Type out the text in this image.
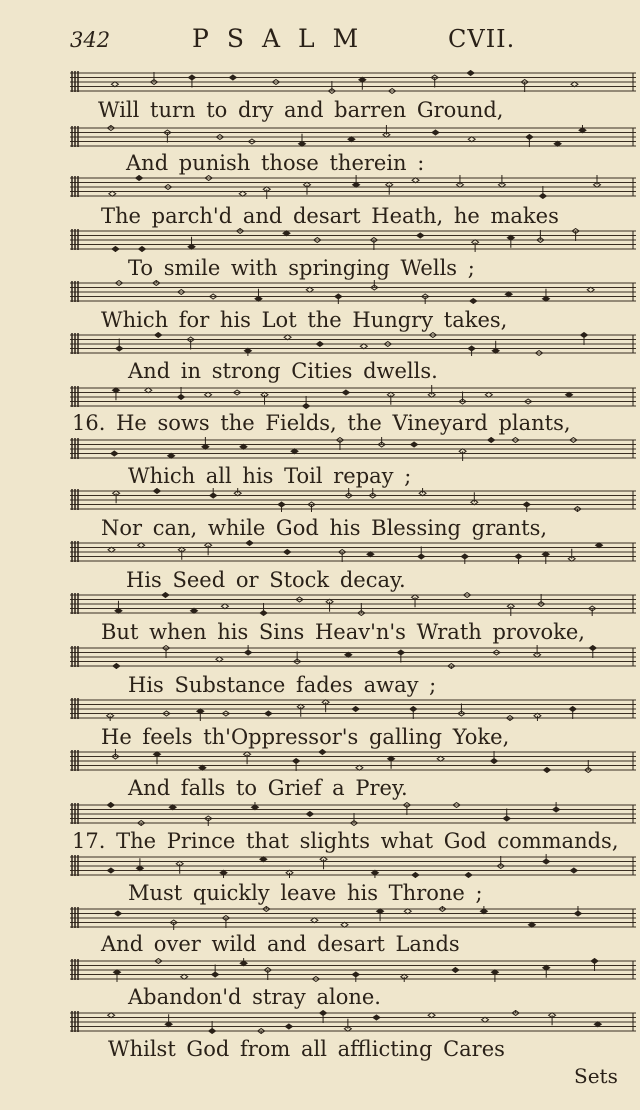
342	PSALM	CVII.
Will turn to dry and barren Ground,
And punish those therein :
The parch'd and desart Heath, he makes
To smile with springing Wells ;
Which for his Lot the Hungry takes,
And in strong Cities dwells.
16. He sows the Fields, the Vineyard plants,
Which all his Toil repay ;
Nor can, while God his Blessing grants,
His Seed or Stock decay.
But when his Sins Heav'n's Wrath provoke,
His Substance fades away ;
He feels th'Oppressor's galling Yoke,
And falls to Grief a Prey.
17. The Prince that slights what God commands,
Must quickly leave his Throne ;
And over wild and desart Lands
Abandon'd stray alone.
Whilst God from all afflicting Cares
Sets
